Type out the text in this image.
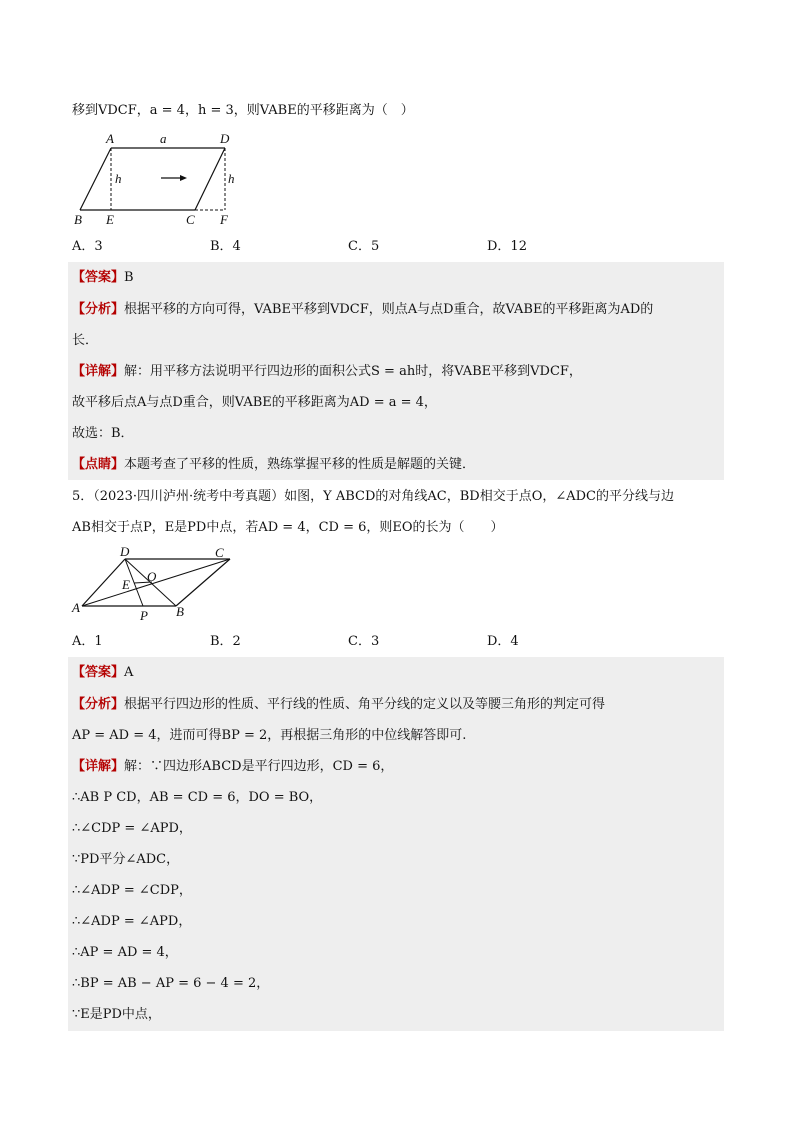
移到VDCF，a = 4，h = 3，则VABE的平移距离为（　）
A	a	D
h	h
B E	C F
A．3	B．4	C．5	D．12
【答案】B
【分析】根据平移的方向可得，VABE平移到VDCF，则点A与点D重合，故VABE的平移距离为AD的
长．
【详解】解：用平移方法说明平行四边形的面积公式S = ah时，将VABE平移到VDCF，
故平移后点A与点D重合，则VABE的平移距离为AD = a = 4，
故选：B．
【点睛】本题考查了平移的性质，熟练掌握平移的性质是解题的关键．
5．（2023·四川泸州·统考中考真题）如图，Y ABCD的对角线AC，BD相交于点O，∠ADC的平分线与边
AB相交于点P，E是PD中点，若AD = 4，CD = 6，则EO的长为（　　）
D	C
E
O
A
P B
A．1	B．2	C．3	D．4
【答案】A
【分析】根据平行四边形的性质、平行线的性质、角平分线的定义以及等腰三角形的判定可得
AP = AD = 4，进而可得BP = 2，再根据三角形的中位线解答即可.
【详解】解：∵四边形ABCD是平行四边形，CD = 6，
∴AB P CD，AB = CD = 6，DO = BO，
∴∠CDP = ∠APD，
∵PD平分∠ADC，
∴∠ADP = ∠CDP，
∴∠ADP = ∠APD，
∴AP = AD = 4，
∴BP = AB − AP = 6 − 4 = 2，
∵E是PD中点，
